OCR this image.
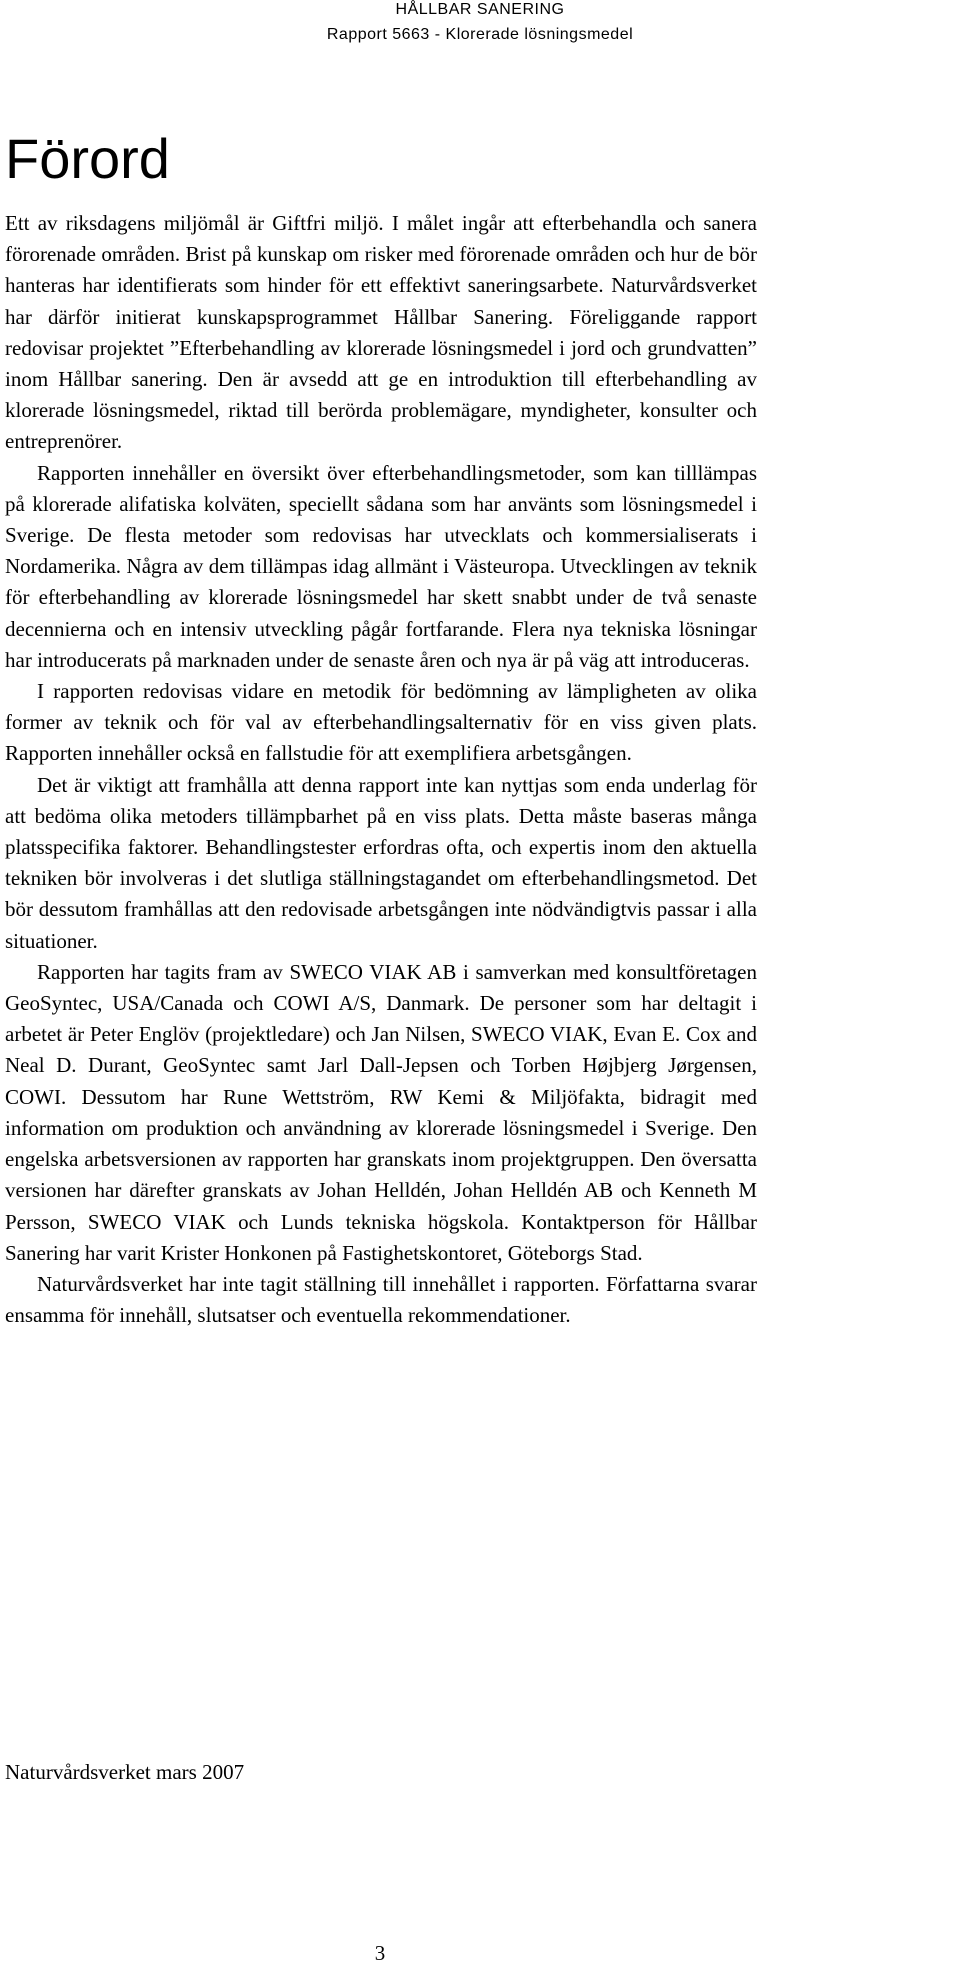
HÅLLBAR SANERING
Rapport 5663 - Klorerade lösningsmedel
Förord

Ett av riksdagens miljömål är Giftfri miljö. I målet ingår att efterbehandla och sanera förorenade områden. Brist på kunskap om risker med förorenade områden och hur de bör hanteras har identifierats som hinder för ett effektivt saneringsarbete. Naturvårdsverket har därför initierat kunskapsprogrammet Hållbar Sanering. Föreliggande rapport redovisar projektet ”Efterbehandling av klorerade lösningsmedel i jord och grundvatten” inom Hållbar sanering. Den är avsedd att ge en introduktion till efterbehandling av klorerade lösningsmedel, riktad till berörda problemägare, myndigheter, konsulter och entreprenörer.

Rapporten innehåller en översikt över efterbehandlingsmetoder, som kan tilllämpas på klorerade alifatiska kolväten, speciellt sådana som har använts som lösningsmedel i Sverige. De flesta metoder som redovisas har utvecklats och kommersialiserats i Nordamerika. Några av dem tillämpas idag allmänt i Västeuropa. Utvecklingen av teknik för efterbehandling av klorerade lösningsmedel har skett snabbt under de två senaste decennierna och en intensiv utveckling pågår fortfarande. Flera nya tekniska lösningar har introducerats på marknaden under de senaste åren och nya är på väg att introduceras.

I rapporten redovisas vidare en metodik för bedömning av lämpligheten av olika former av teknik och för val av efterbehandlingsalternativ för en viss given plats. Rapporten innehåller också en fallstudie för att exemplifiera arbetsgången.

Det är viktigt att framhålla att denna rapport inte kan nyttjas som enda underlag för att bedöma olika metoders tillämpbarhet på en viss plats. Detta måste baseras många platsspecifika faktorer. Behandlingstester erfordras ofta, och expertis inom den aktuella tekniken bör involveras i det slutliga ställningstagandet om efterbehandlingsmetod. Det bör dessutom framhållas att den redovisade arbetsgången inte nödvändigtvis passar i alla situationer.

Rapporten har tagits fram av SWECO VIAK AB i samverkan med konsultföretagen GeoSyntec, USA/Canada och COWI A/S, Danmark. De personer som har deltagit i arbetet är Peter Englöv (projektledare) och Jan Nilsen, SWECO VIAK, Evan E. Cox and Neal D. Durant, GeoSyntec samt Jarl Dall-Jepsen och Torben Højbjerg Jørgensen, COWI. Dessutom har Rune Wettström, RW Kemi & Miljöfakta, bidragit med information om produktion och användning av klorerade lösningsmedel i Sverige. Den engelska arbetsversionen av rapporten har granskats inom projektgruppen. Den översatta versionen har därefter granskats av Johan Helldén, Johan Helldén AB och Kenneth M Persson, SWECO VIAK och Lunds tekniska högskola. Kontaktperson för Hållbar Sanering har varit Krister Honkonen på Fastighetskontoret, Göteborgs Stad.

Naturvårdsverket har inte tagit ställning till innehållet i rapporten. Författarna svarar ensamma för innehåll, slutsatser och eventuella rekommendationer.

Naturvårdsverket mars 2007
3
